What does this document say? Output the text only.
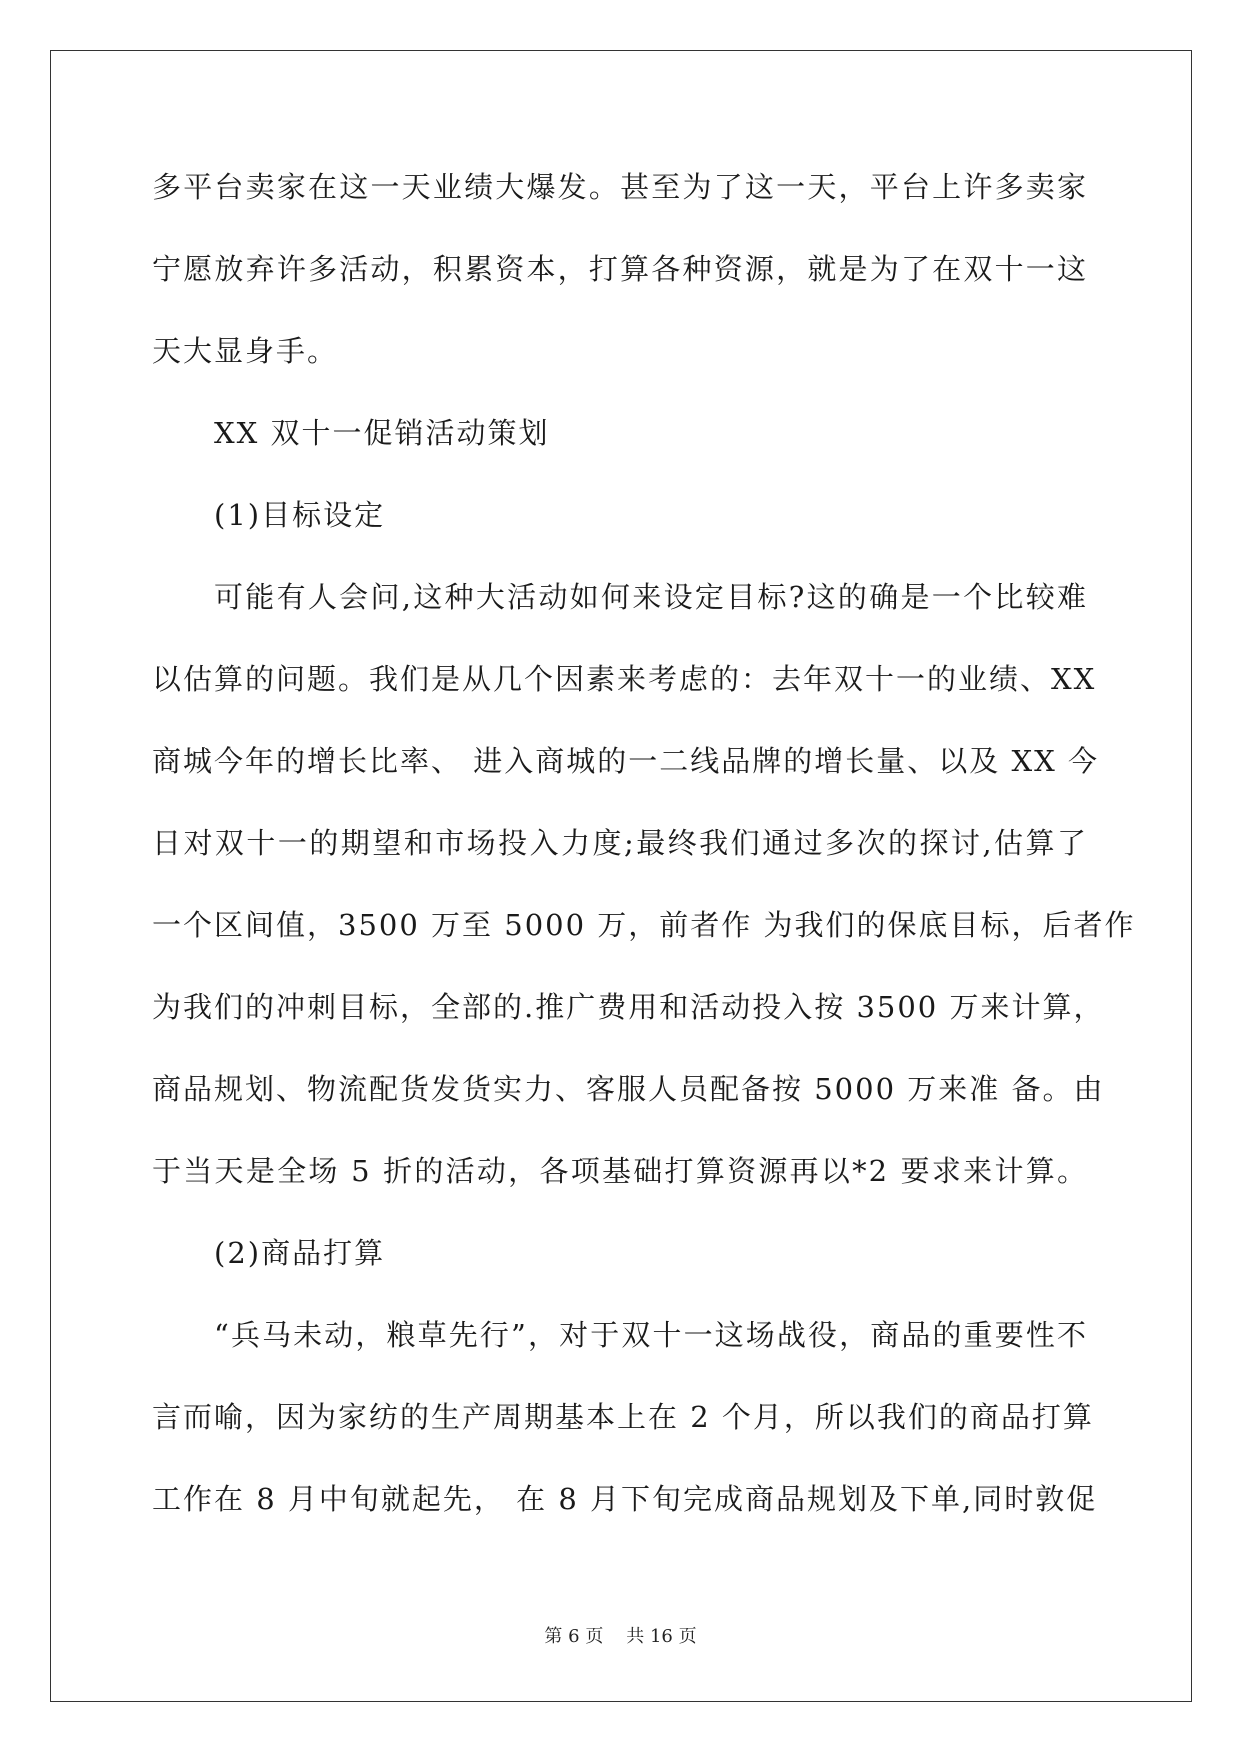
多平台卖家在这一天业绩大爆发。甚至为了这一天，平台上许多卖家
宁愿放弃许多活动，积累资本，打算各种资源，就是为了在双十一这
天大显身手。
XX 双十一促销活动策划
(1)目标设定
可能有人会问,这种大活动如何来设定目标?这的确是一个比较难
以估算的问题。我们是从几个因素来考虑的：去年双十一的业绩、XX
商城今年的增长比率、 进入商城的一二线品牌的增长量、以及 XX 今
日对双十一的期望和市场投入力度;最终我们通过多次的探讨,估算了
一个区间值，3500 万至 5000 万，前者作 为我们的保底目标，后者作
为我们的冲刺目标，全部的.推广费用和活动投入按 3500 万来计算，
商品规划、物流配货发货实力、客服人员配备按 5000 万来准 备。由
于当天是全场 5 折的活动，各项基础打算资源再以*2 要求来计算。
(2)商品打算
“兵马未动，粮草先行”，对于双十一这场战役，商品的重要性不
言而喻，因为家纺的生产周期基本上在 2 个月，所以我们的商品打算
工作在 8 月中旬就起先， 在 8 月下旬完成商品规划及下单,同时敦促
第 6 页 共 16 页
